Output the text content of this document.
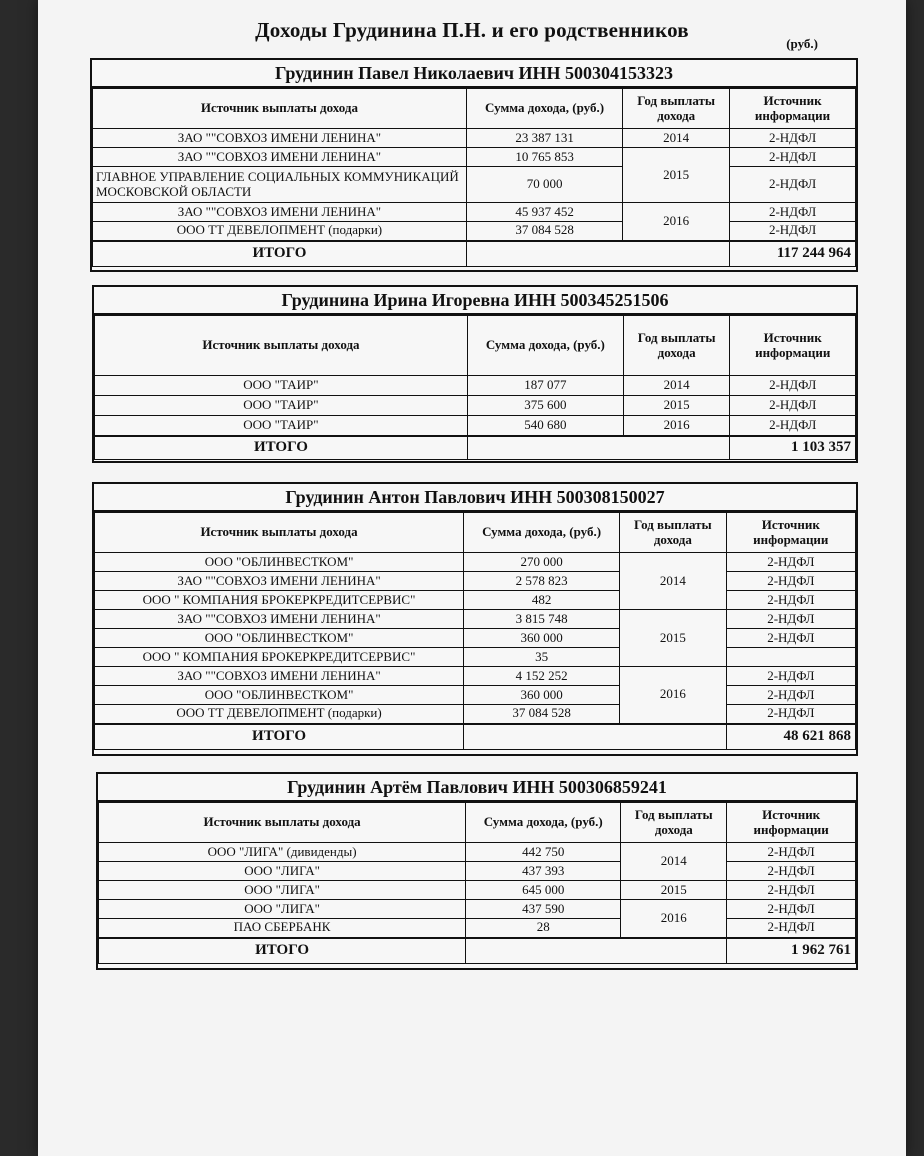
Доходы Грудинина П.Н. и его родственников
(руб.)
Грудинин Павел Николаевич ИНН 500304153323
Источник выплаты дохода	Сумма дохода, (руб.)	Год выплаты дохода	Источник информации
ЗАО ""СОВХОЗ ИМЕНИ ЛЕНИНА"	23 387 131	2014	2-НДФЛ
ЗАО ""СОВХОЗ ИМЕНИ ЛЕНИНА"	10 765 853	2015	2-НДФЛ
ГЛАВНОЕ УПРАВЛЕНИЕ СОЦИАЛЬНЫХ КОММУНИКАЦИЙ МОСКОВСКОЙ ОБЛАСТИ	70 000		2-НДФЛ
ЗАО ""СОВХОЗ ИМЕНИ ЛЕНИНА"	45 937 452	2016	2-НДФЛ
ООО ТТ ДЕВЕЛОПМЕНТ (подарки)	37 084 528		2-НДФЛ
ИТОГО			117 244 964
Грудинина Ирина Игоревна ИНН 500345251506
Источник выплаты дохода	Сумма дохода, (руб.)	Год выплаты дохода	Источник информации
ООО "ТАИР"	187 077	2014	2-НДФЛ
ООО "ТАИР"	375 600	2015	2-НДФЛ
ООО "ТАИР"	540 680	2016	2-НДФЛ
ИТОГО			1 103 357
Грудинин Антон Павлович ИНН 500308150027
Источник выплаты дохода	Сумма дохода, (руб.)	Год выплаты дохода	Источник информации
ООО "ОБЛИНВЕСТКОМ"	270 000	2014	2-НДФЛ
ЗАО ""СОВХОЗ ИМЕНИ ЛЕНИНА"	2 578 823		2-НДФЛ
ООО " КОМПАНИЯ БРОКЕРКРЕДИТСЕРВИС"	482		2-НДФЛ
ЗАО ""СОВХОЗ ИМЕНИ ЛЕНИНА"	3 815 748	2015	2-НДФЛ
ООО "ОБЛИНВЕСТКОМ"	360 000		2-НДФЛ
ООО " КОМПАНИЯ БРОКЕРКРЕДИТСЕРВИС"	35		
ЗАО ""СОВХОЗ ИМЕНИ ЛЕНИНА"	4 152 252	2016	2-НДФЛ
ООО "ОБЛИНВЕСТКОМ"	360 000		2-НДФЛ
ООО ТТ ДЕВЕЛОПМЕНТ (подарки)	37 084 528		2-НДФЛ
ИТОГО			48 621 868
Грудинин Артём Павлович ИНН 500306859241
Источник выплаты дохода	Сумма дохода, (руб.)	Год выплаты дохода	Источник информации
ООО "ЛИГА" (дивиденды)	442 750	2014	2-НДФЛ
ООО "ЛИГА"	437 393		2-НДФЛ
ООО "ЛИГА"	645 000	2015	2-НДФЛ
ООО "ЛИГА"	437 590	2016	2-НДФЛ
ПАО СБЕРБАНК	28		2-НДФЛ
ИТОГО			1 962 761
